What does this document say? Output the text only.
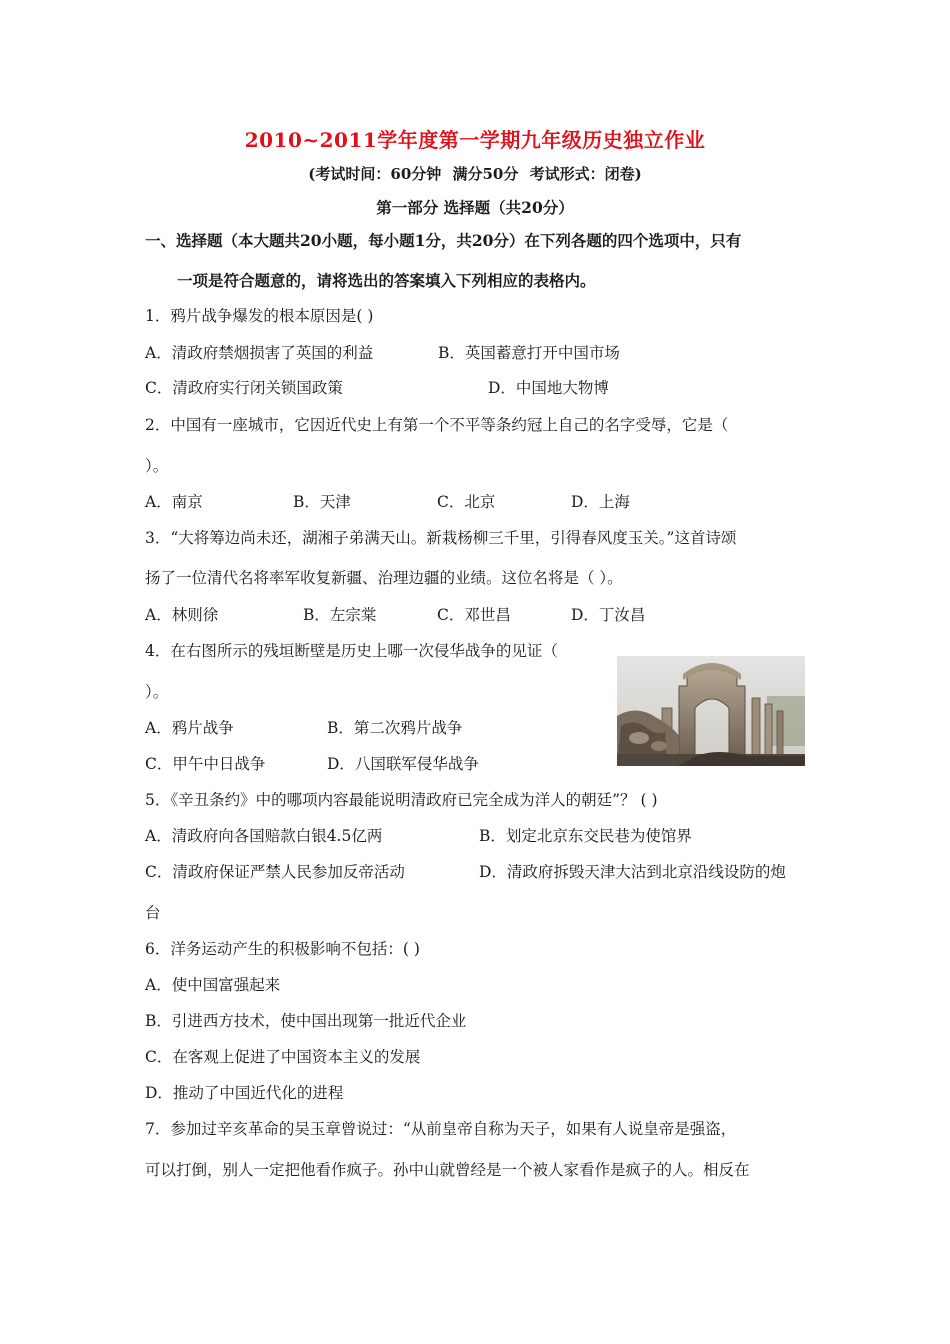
2010~2011学年度第一学期九年级历史独立作业
(考试时间：60分钟 满分50分 考试形式：闭卷)
第一部分 选择题（共20分）
一、选择题（本大题共20小题，每小题1分，共20分）在下列各题的四个选项中，只有
一项是符合题意的，请将选出的答案填入下列相应的表格内。
1．鸦片战争爆发的根本原因是( )
A．清政府禁烟损害了英国的利益	B．英国蓄意打开中国市场
C．清政府实行闭关锁国政策	D．中国地大物博
2．中国有一座城市，它因近代史上有第一个不平等条约冠上自己的名字受辱，它是（
）。
A．南京	B．天津	C．北京	D．上海
3．“大将筹边尚未还，湖湘子弟满天山。新栽杨柳三千里，引得春风度玉关。”这首诗颂
扬了一位清代名将率军收复新疆、治理边疆的业绩。这位名将是（ ）。
A．林则徐	B．左宗棠	C．邓世昌	D．丁汝昌
4．在右图所示的残垣断壁是历史上哪一次侵华战争的见证（
）。
A．鸦片战争	B．第二次鸦片战争
C．甲午中日战争	D．八国联军侵华战争
5．《辛丑条约》中的哪项内容最能说明清政府已完全成为洋人的朝廷”？ ( )
A．清政府向各国赔款白银4.5亿两	B．划定北京东交民巷为使馆界
C．清政府保证严禁人民参加反帝活动	D．清政府拆毁天津大沽到北京沿线设防的炮
台
6．洋务运动产生的积极影响不包括：( )
A．使中国富强起来
B．引进西方技术，使中国出现第一批近代企业
C．在客观上促进了中国资本主义的发展
D．推动了中国近代化的进程
7．参加过辛亥革命的吴玉章曾说过：“从前皇帝自称为天子，如果有人说皇帝是强盗，
可以打倒，别人一定把他看作疯子。孙中山就曾经是一个被人家看作是疯子的人。相反在
